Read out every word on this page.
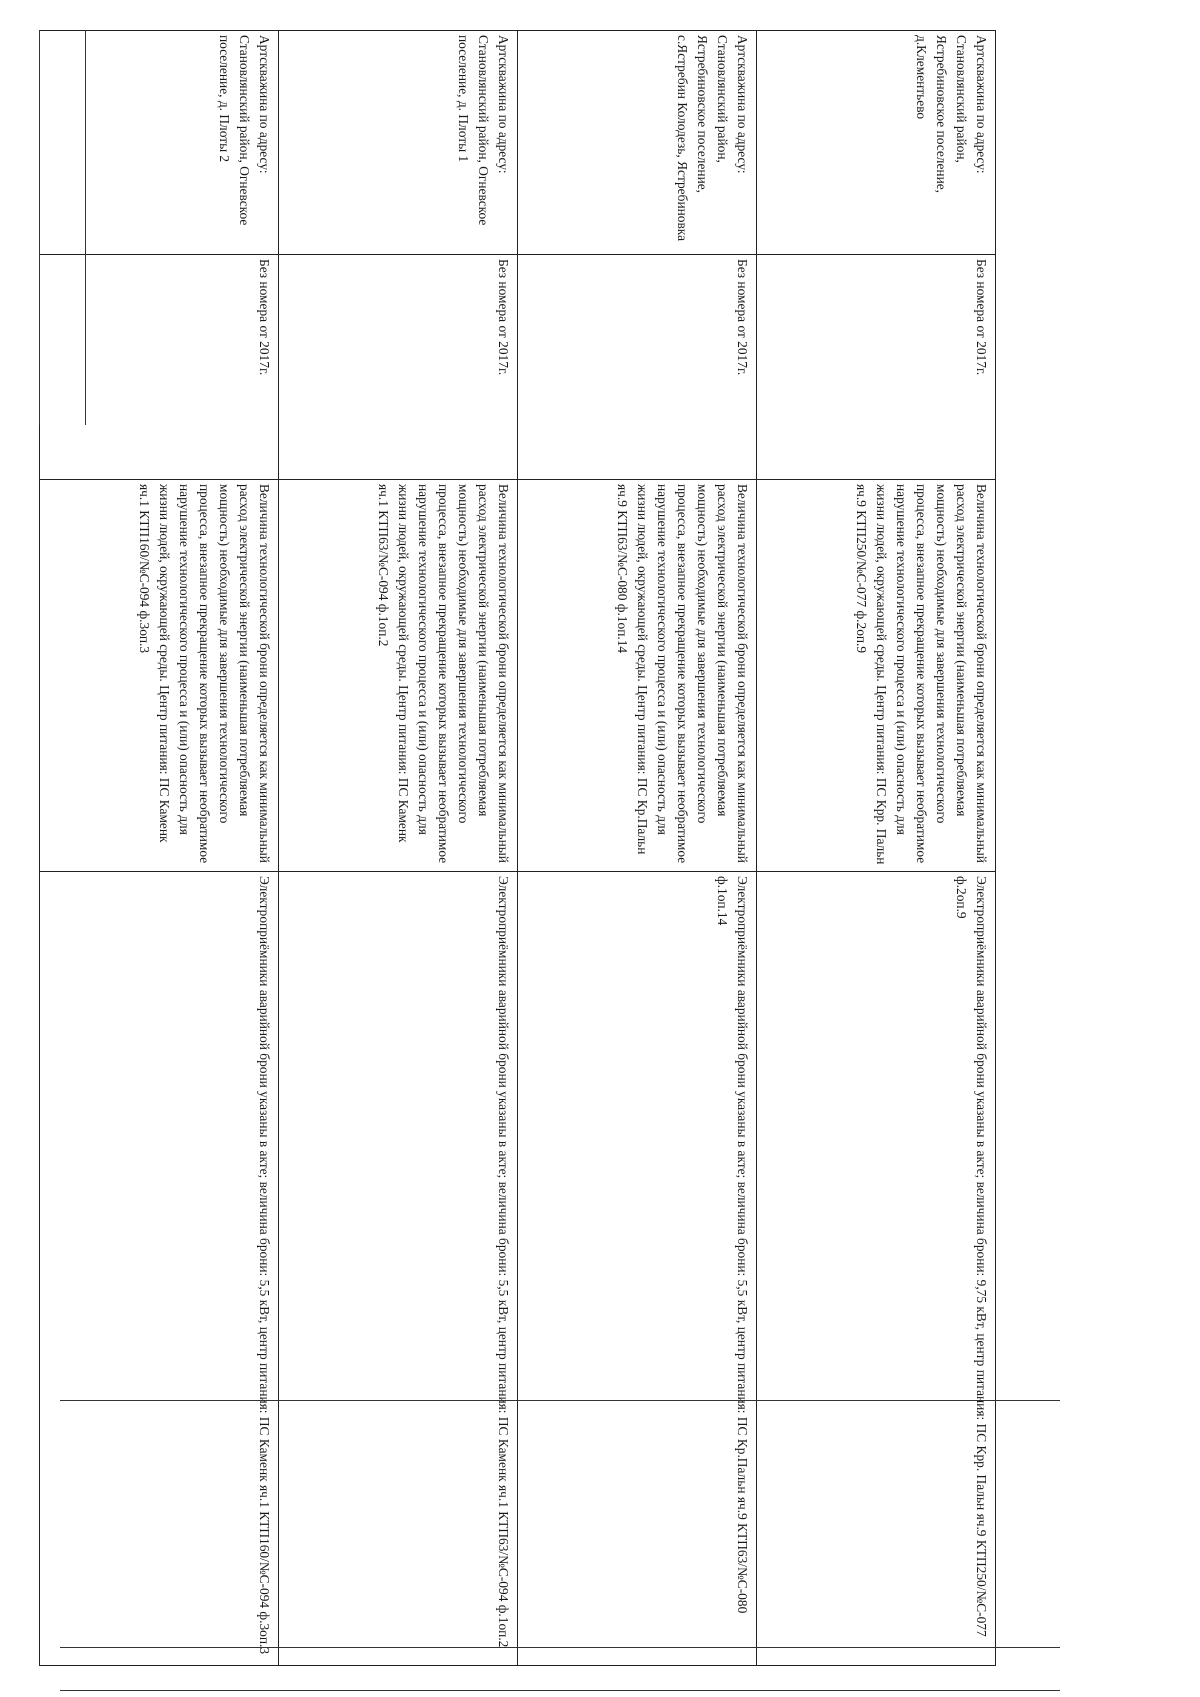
Артскважина по адресу: Становлянский район, Ястребиновское поселение, д.Клементьево	Без номера от 2017г.	Величина технологической брони определяется как минимальный расход электрической энергии (наименьшая потребляемая мощность) необходимые для завершения технологического процесса, внезапное прекращение которых вызывает необратимое нарушение технологического процесса и (или) опасность для жизни людей, окружающей среды. Центр питания: ПС Крр. Пальн яч.9 КТП250/№С-077 ф.2оп.9	Электроприёмники аварийной брони указаны в акте; величина брони: 9,75 кВт, центр питания: ПС Крр. Пальн яч.9 КТП250/№С-077 ф.2оп.9
Артскважина по адресу: Становлянский район, Ястребиновское поселение, с.Ястребин Колодезь, Ястребиновка	Без номера от 2017г.	Величина технологической брони определяется как минимальный расход электрической энергии (наименьшая потребляемая мощность) необходимые для завершения технологического процесса, внезапное прекращение которых вызывает необратимое нарушение технологического процесса и (или) опасность для жизни людей, окружающей среды. Центр питания: ПС Кр.Пальн яч.9 КТП63/№С-080 ф.1оп.14	Электроприёмники аварийной брони указаны в акте; величина брони: 5,5 кВт, центр питания: ПС Кр.Пальн яч.9 КТП63/№С-080 ф.1оп.14
Артскважина по адресу: Становлянский район, Огневское поселение, д. Плоты 1	Без номера от 2017г.	Величина технологической брони определяется как минимальный расход электрической энергии (наименьшая потребляемая мощность) необходимые для завершения технологического процесса, внезапное прекращение которых вызывает необратимое нарушение технологического процесса и (или) опасность для жизни людей, окружающей среды. Центр питания: ПС Каменк яч.1 КТП63/№С-094 ф.1оп.2	Электроприёмники аварийной брони указаны в акте; величина брони: 5,5 кВт, центр питания: ПС Каменк яч.1 КТП63/№С-094 ф.1оп.2
Артскважина по адресу: Становлянский район, Огневское поселение, д. Плоты 2	Без номера от 2017г.	Величина технологической брони определяется как минимальный расход электрической энергии (наименьшая потребляемая мощность) необходимые для завершения технологического процесса, внезапное прекращение которых вызывает необратимое нарушение технологического процесса и (или) опасность для жизни людей, окружающей среды. Центр питания: ПС Каменк яч.1 КТП160/№С-094 ф.3оп.3	Электроприёмники аварийной брони указаны в акте; величина брони: 5,5 кВт, центр питания: ПС Каменк яч.1 КТП160/№С-094 ф.3оп.3
